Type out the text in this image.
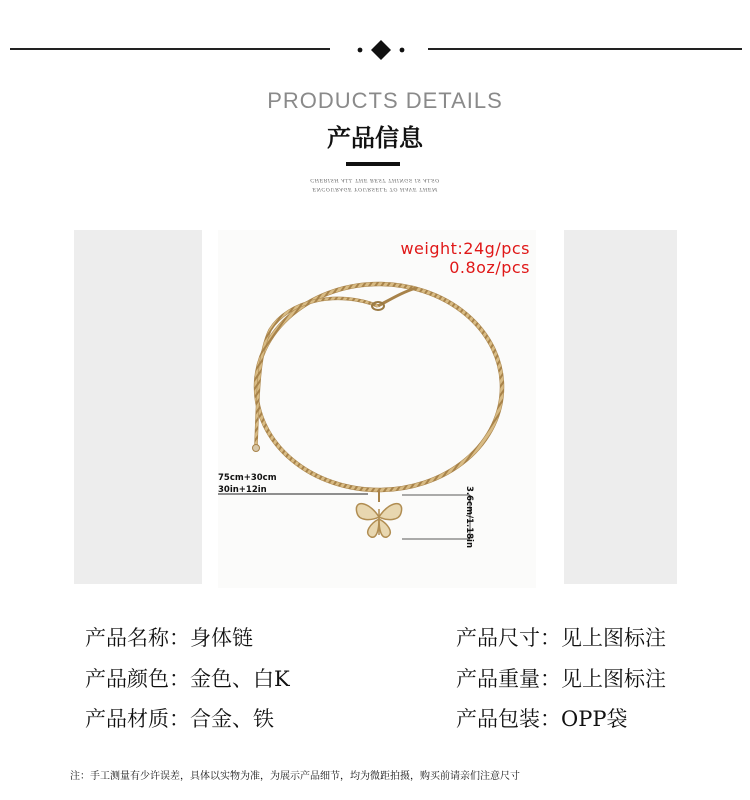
PRODUCTS DETAILS
产品信息
CHERISH ALL THE BEST THINGS IS ALSO
ENCOURAGE YOURSELF TO HAVE THEM
weight:24g/pcs
0.8oz/pcs
75cm+30cm
30in+12in	3.6cm/1.18in
产品名称：身体链
产品颜色：金色、白K
产品材质：合金、铁
产品尺寸：见上图标注
产品重量：见上图标注
产品包装：OPP袋
注：手工测量有少许误差，具体以实物为准，为展示产品细节，均为微距拍摄，购买前请亲们注意尺寸
